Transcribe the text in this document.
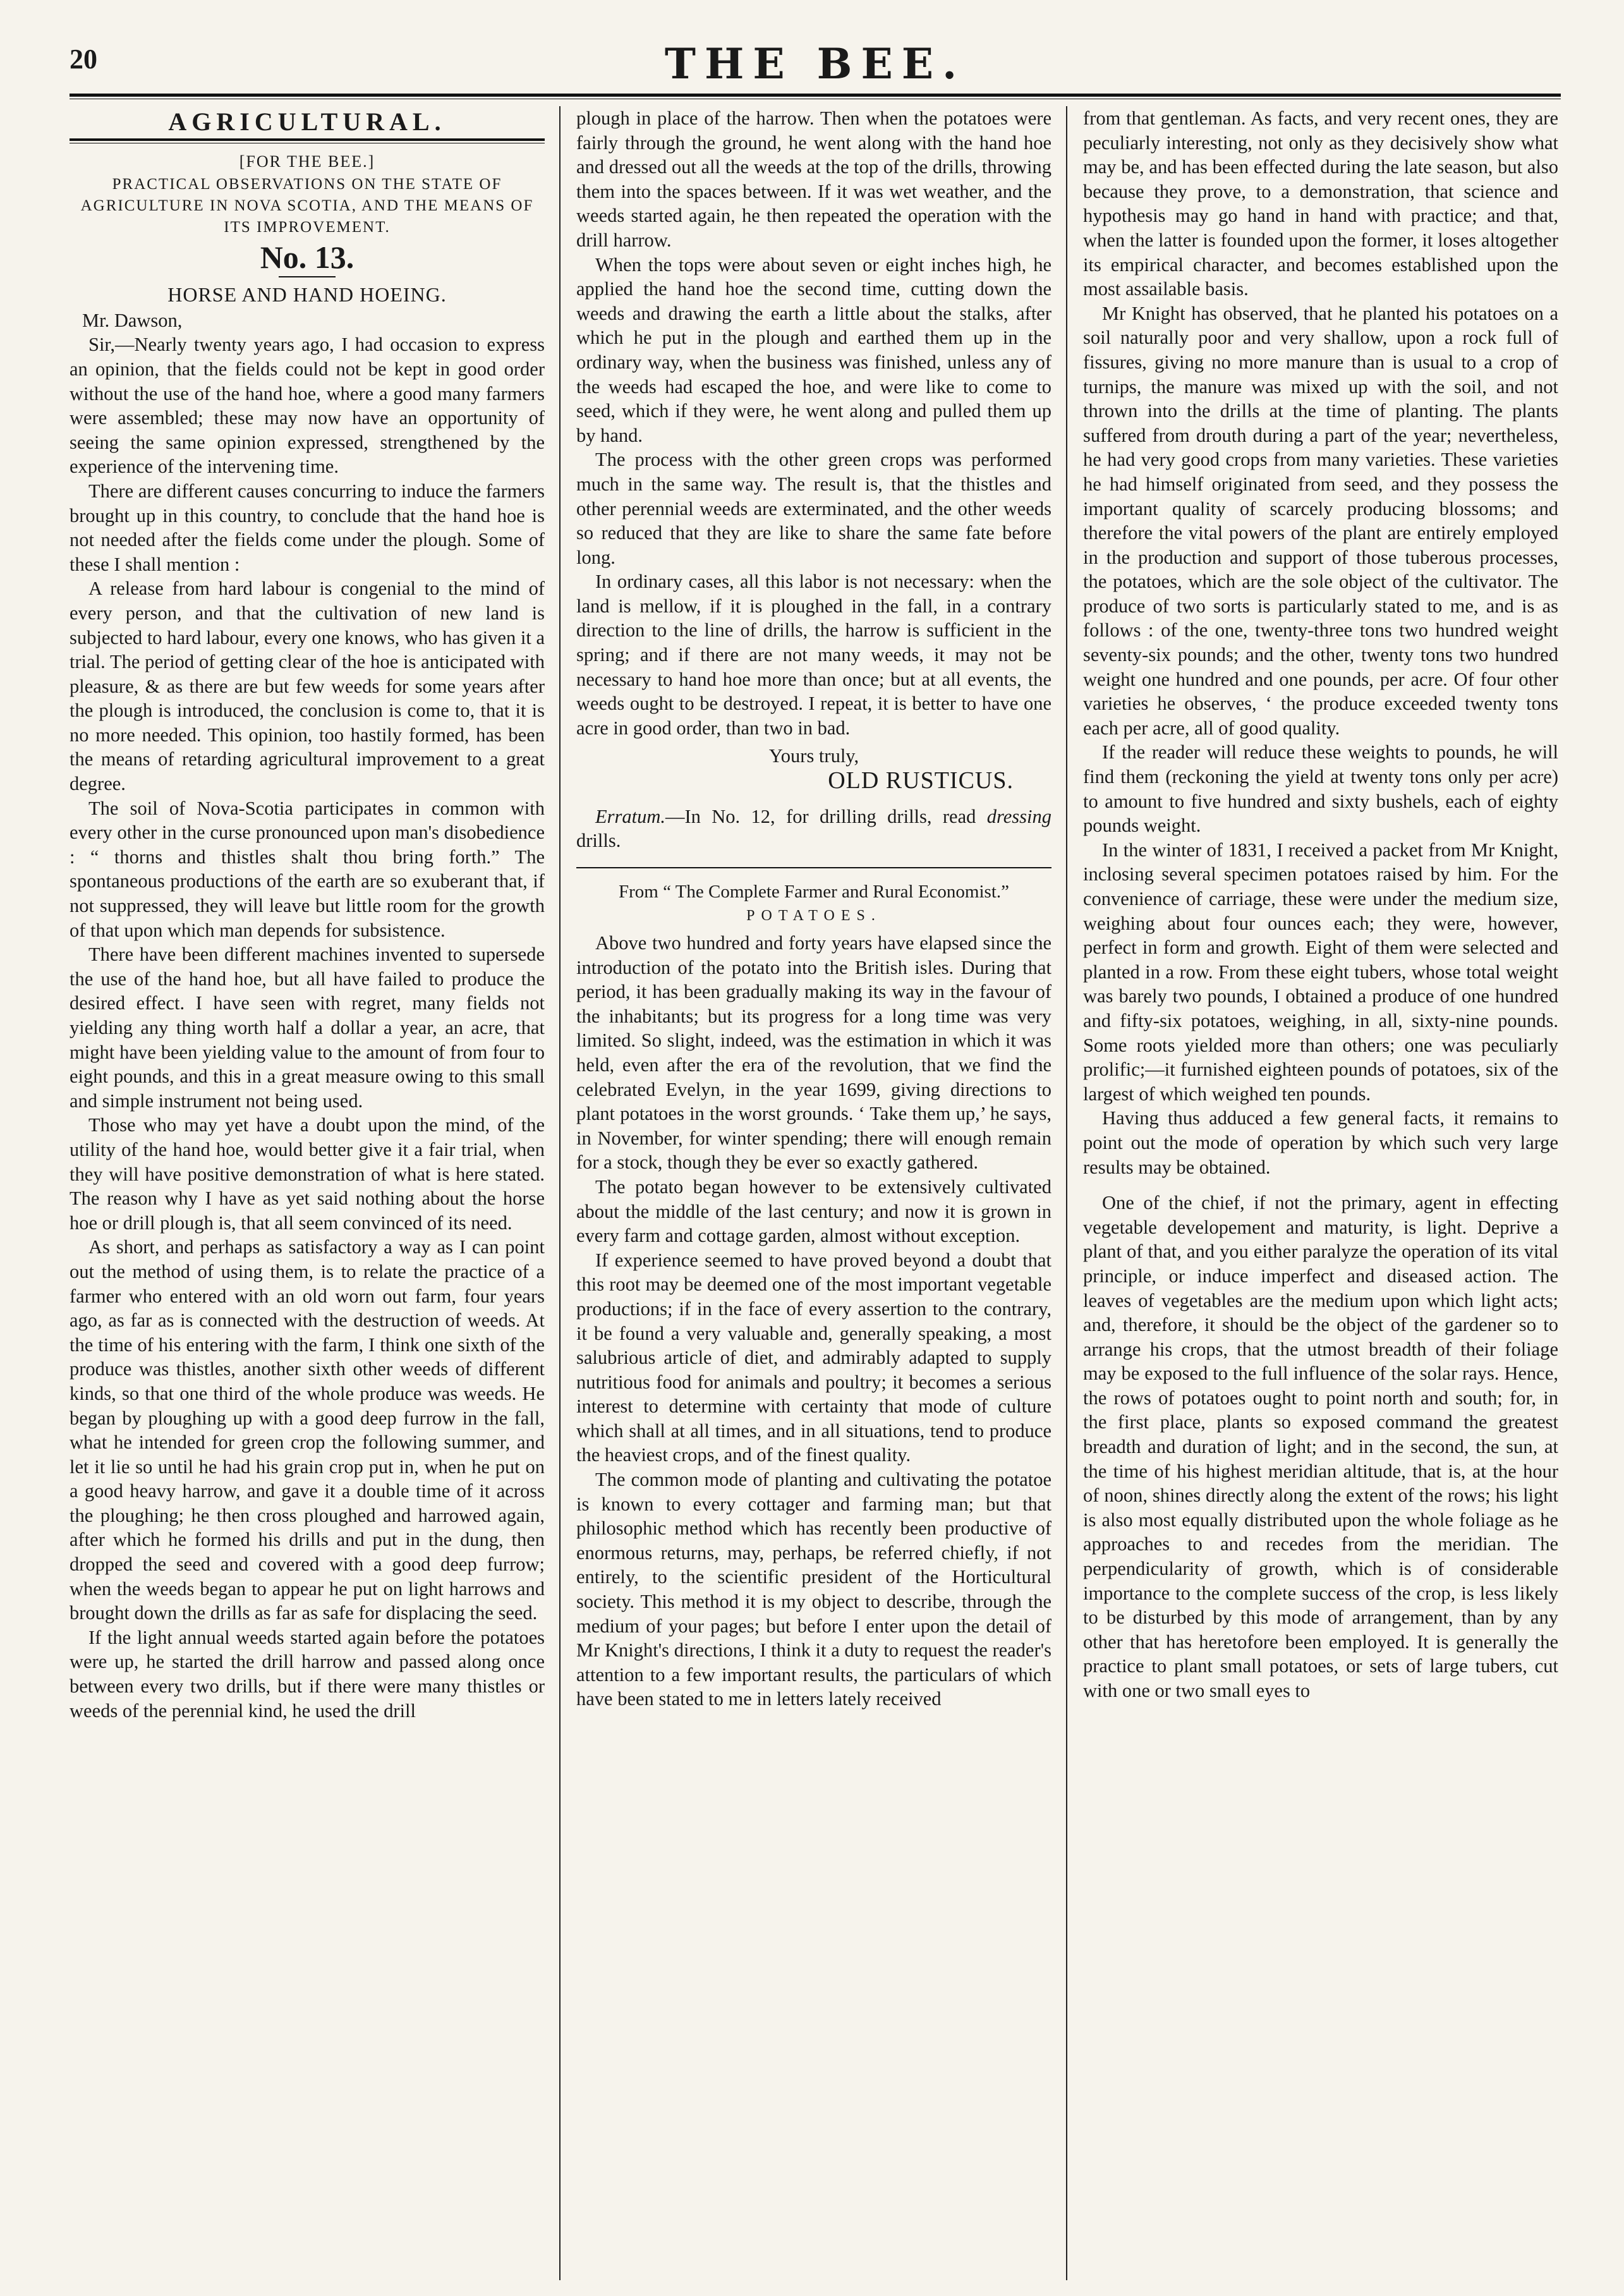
20	THE BEE.
AGRICULTURAL.

[FOR THE BEE.]

PRACTICAL OBSERVATIONS ON THE STATE OF AGRICULTURE IN NOVA SCOTIA, AND THE MEANS OF ITS IMPROVEMENT.

No. 13.

HORSE AND HAND HOEING.

Mr. Dawson,

Sir,—Nearly twenty years ago, I had occasion to express an opinion, that the fields could not be kept in good order without the use of the hand hoe, where a good many farmers were assembled; these may now have an opportunity of seeing the same opinion expressed, strengthened by the experience of the intervening time.

There are different causes concurring to induce the farmers brought up in this country, to conclude that the hand hoe is not needed after the fields come under the plough. Some of these I shall mention :

A release from hard labour is congenial to the mind of every person, and that the cultivation of new land is subjected to hard labour, every one knows, who has given it a trial. The period of getting clear of the hoe is anticipated with pleasure, & as there are but few weeds for some years after the plough is introduced, the conclusion is come to, that it is no more needed. This opinion, too hastily formed, has been the means of retarding agricultural improvement to a great degree.

The soil of Nova-Scotia participates in common with every other in the curse pronounced upon man's disobedience : “ thorns and thistles shalt thou bring forth.” The spontaneous productions of the earth are so exuberant that, if not suppressed, they will leave but little room for the growth of that upon which man depends for subsistence.

There have been different machines invented to supersede the use of the hand hoe, but all have failed to produce the desired effect. I have seen with regret, many fields not yielding any thing worth half a dollar a year, an acre, that might have been yielding value to the amount of from four to eight pounds, and this in a great measure owing to this small and simple instrument not being used.

Those who may yet have a doubt upon the mind, of the utility of the hand hoe, would better give it a fair trial, when they will have positive demonstration of what is here stated. The reason why I have as yet said nothing about the horse hoe or drill plough is, that all seem convinced of its need.

As short, and perhaps as satisfactory a way as I can point out the method of using them, is to relate the practice of a farmer who entered with an old worn out farm, four years ago, as far as is connected with the destruction of weeds. At the time of his entering with the farm, I think one sixth of the produce was thistles, another sixth other weeds of different kinds, so that one third of the whole produce was weeds. He began by ploughing up with a good deep furrow in the fall, what he intended for green crop the following summer, and let it lie so until he had his grain crop put in, when he put on a good heavy harrow, and gave it a double time of it across the ploughing; he then cross ploughed and harrowed again, after which he formed his drills and put in the dung, then dropped the seed and covered with a good deep furrow; when the weeds began to appear he put on light harrows and brought down the drills as far as safe for displacing the seed.

If the light annual weeds started again before the potatoes were up, he started the drill harrow and passed along once between every two drills, but if there were many thistles or weeds of the perennial kind, he used the drill

plough in place of the harrow. Then when the potatoes were fairly through the ground, he went along with the hand hoe and dressed out all the weeds at the top of the drills, throwing them into the spaces between. If it was wet weather, and the weeds started again, he then repeated the operation with the drill harrow.

When the tops were about seven or eight inches high, he applied the hand hoe the second time, cutting down the weeds and drawing the earth a little about the stalks, after which he put in the plough and earthed them up in the ordinary way, when the business was finished, unless any of the weeds had escaped the hoe, and were like to come to seed, which if they were, he went along and pulled them up by hand.

The process with the other green crops was performed much in the same way. The result is, that the thistles and other perennial weeds are exterminated, and the other weeds so reduced that they are like to share the same fate before long.

In ordinary cases, all this labor is not necessary: when the land is mellow, if it is ploughed in the fall, in a contrary direction to the line of drills, the harrow is sufficient in the spring; and if there are not many weeds, it may not be necessary to hand hoe more than once; but at all events, the weeds ought to be destroyed. I repeat, it is better to have one acre in good order, than two in bad.

Yours truly,

OLD RUSTICUS.

Erratum.—In No. 12, for drilling drills, read dressing drills.

From “ The Complete Farmer and Rural Economist.”

POTATOES.

Above two hundred and forty years have elapsed since the introduction of the potato into the British isles. During that period, it has been gradually making its way in the favour of the inhabitants; but its progress for a long time was very limited. So slight, indeed, was the estimation in which it was held, even after the era of the revolution, that we find the celebrated Evelyn, in the year 1699, giving directions to plant potatoes in the worst grounds. ‘ Take them up,’ he says, in November, for winter spending; there will enough remain for a stock, though they be ever so exactly gathered.

The potato began however to be extensively cultivated about the middle of the last century; and now it is grown in every farm and cottage garden, almost without exception.

If experience seemed to have proved beyond a doubt that this root may be deemed one of the most important vegetable productions; if in the face of every assertion to the contrary, it be found a very valuable and, generally speaking, a most salubrious article of diet, and admirably adapted to supply nutritious food for animals and poultry; it becomes a serious interest to determine with certainty that mode of culture which shall at all times, and in all situations, tend to produce the heaviest crops, and of the finest quality.

The common mode of planting and cultivating the potatoe is known to every cottager and farming man; but that philosophic method which has recently been productive of enormous returns, may, perhaps, be referred chiefly, if not entirely, to the scientific president of the Horticultural society. This method it is my object to describe, through the medium of your pages; but before I enter upon the detail of Mr Knight's directions, I think it a duty to request the reader's attention to a few important results, the particulars of which have been stated to me in letters lately received

from that gentleman. As facts, and very recent ones, they are peculiarly interesting, not only as they decisively show what may be, and has been effected during the late season, but also because they prove, to a demonstration, that science and hypothesis may go hand in hand with practice; and that, when the latter is founded upon the former, it loses altogether its empirical character, and becomes established upon the most assailable basis.

Mr Knight has observed, that he planted his potatoes on a soil naturally poor and very shallow, upon a rock full of fissures, giving no more manure than is usual to a crop of turnips, the manure was mixed up with the soil, and not thrown into the drills at the time of planting. The plants suffered from drouth during a part of the year; nevertheless, he had very good crops from many varieties. These varieties he had himself originated from seed, and they possess the important quality of scarcely producing blossoms; and therefore the vital powers of the plant are entirely employed in the production and support of those tuberous processes, the potatoes, which are the sole object of the cultivator. The produce of two sorts is particularly stated to me, and is as follows : of the one, twenty-three tons two hundred weight seventy-six pounds; and the other, twenty tons two hundred weight one hundred and one pounds, per acre. Of four other varieties he observes, ‘ the produce exceeded twenty tons each per acre, all of good quality.

If the reader will reduce these weights to pounds, he will find them (reckoning the yield at twenty tons only per acre) to amount to five hundred and sixty bushels, each of eighty pounds weight.

In the winter of 1831, I received a packet from Mr Knight, inclosing several specimen potatoes raised by him. For the convenience of carriage, these were under the medium size, weighing about four ounces each; they were, however, perfect in form and growth. Eight of them were selected and planted in a row. From these eight tubers, whose total weight was barely two pounds, I obtained a produce of one hundred and fifty-six potatoes, weighing, in all, sixty-nine pounds. Some roots yielded more than others; one was peculiarly prolific;—it furnished eighteen pounds of potatoes, six of the largest of which weighed ten pounds.

Having thus adduced a few general facts, it remains to point out the mode of operation by which such very large results may be obtained.

One of the chief, if not the primary, agent in effecting vegetable developement and maturity, is light. Deprive a plant of that, and you either paralyze the operation of its vital principle, or induce imperfect and diseased action. The leaves of vegetables are the medium upon which light acts; and, therefore, it should be the object of the gardener so to arrange his crops, that the utmost breadth of their foliage may be exposed to the full influence of the solar rays. Hence, the rows of potatoes ought to point north and south; for, in the first place, plants so exposed command the greatest breadth and duration of light; and in the second, the sun, at the time of his highest meridian altitude, that is, at the hour of noon, shines directly along the extent of the rows; his light is also most equally distributed upon the whole foliage as he approaches to and recedes from the meridian. The perpendicularity of growth, which is of considerable importance to the complete success of the crop, is less likely to be disturbed by this mode of arrangement, than by any other that has heretofore been employed. It is generally the practice to plant small potatoes, or sets of large tubers, cut with one or two small eyes to
